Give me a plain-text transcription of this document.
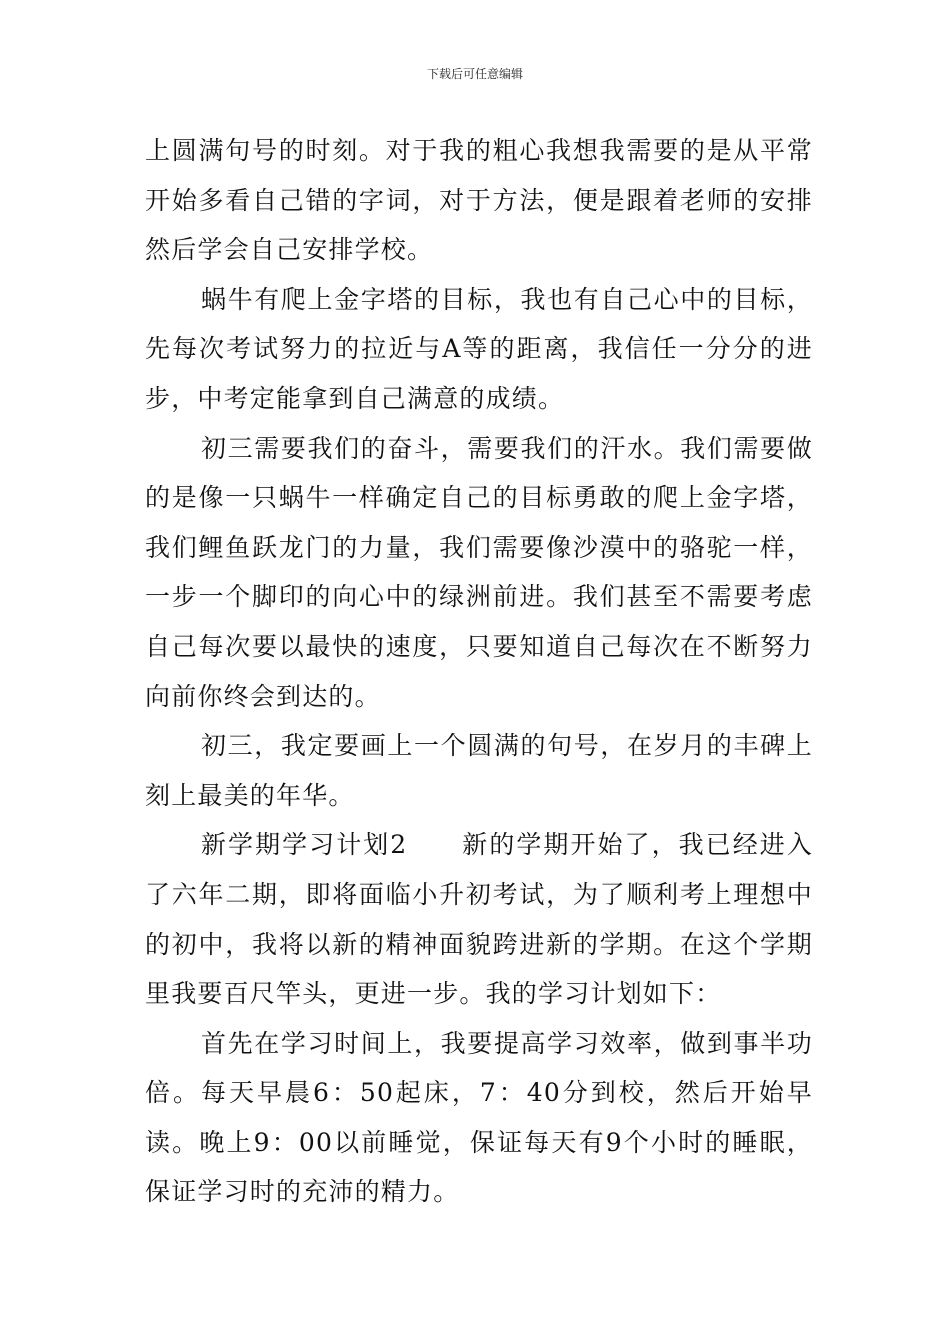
下载后可任意编辑

上圆满句号的时刻。对于我的粗心我想我需要的是从平常开始多看自己错的字词，对于方法，便是跟着老师的安排然后学会自己安排学校。

蜗牛有爬上金字塔的目标，我也有自己心中的目标，先每次考试努力的拉近与A等的距离，我信任一分分的进步，中考定能拿到自己满意的成绩。

初三需要我们的奋斗，需要我们的汗水。我们需要做的是像一只蜗牛一样确定自己的目标勇敢的爬上金字塔，我们鲤鱼跃龙门的力量，我们需要像沙漠中的骆驼一样，一步一个脚印的向心中的绿洲前进。我们甚至不需要考虑自己每次要以最快的速度，只要知道自己每次在不断努力向前你终会到达的。

初三，我定要画上一个圆满的句号，在岁月的丰碑上刻上最美的年华。

新学期学习计划2　　新的学期开始了，我已经进入了六年二期，即将面临小升初考试，为了顺利考上理想中的初中，我将以新的精神面貌跨进新的学期。在这个学期里我要百尺竿头，更进一步。我的学习计划如下：

首先在学习时间上，我要提高学习效率，做到事半功倍。每天早晨6：50起床，7：40分到校，然后开始早读。晚上9：00以前睡觉，保证每天有9个小时的睡眠，保证学习时的充沛的精力。
